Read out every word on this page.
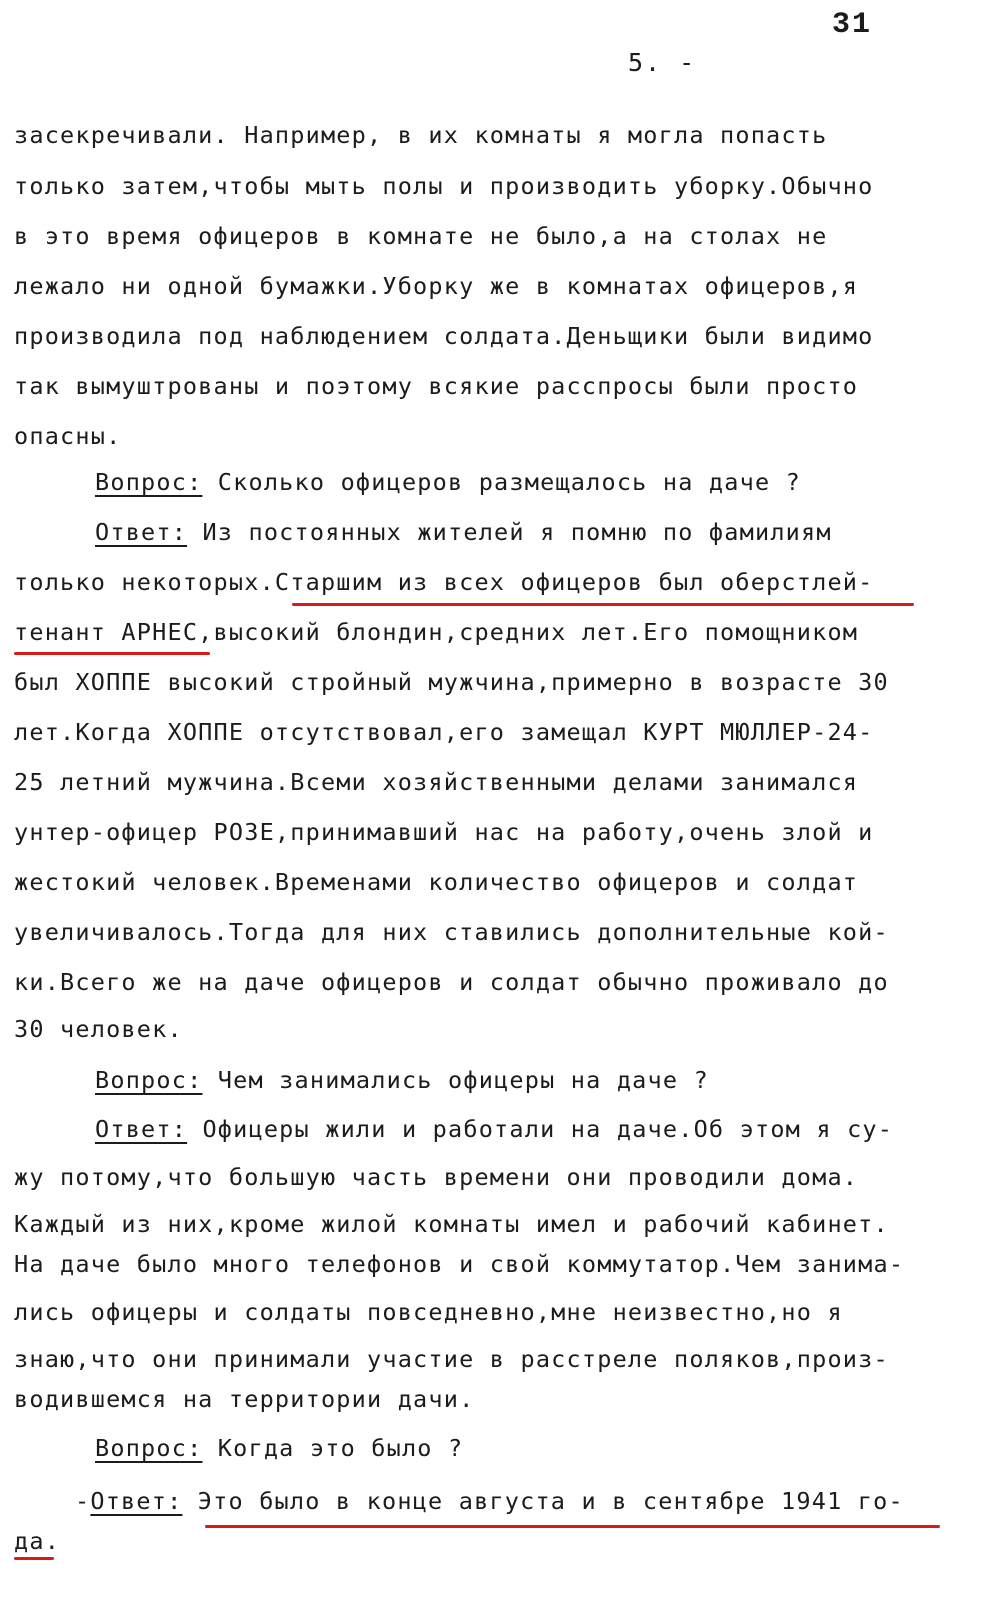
31
5. -
засекречивали. Например, в их комнаты я могла попасть
только затем,чтобы мыть полы и производить уборку.Обычно
в это время офицеров в комнате не было,а на столах не
лежало ни одной бумажки.Уборку же в комнатах офицеров,я
производила под наблюдением солдата.Деньщики были видимо
так вымуштрованы и поэтому всякие расспросы были просто
опасны.
Вопрос: Сколько офицеров размещалось на даче ?
Ответ: Из постоянных жителей я помню по фамилиям
только некоторых.Старшим из всех офицеров был оберстлей-
тенант АРНЕС,высокий блондин,средних лет.Его помощником
был ХОППЕ высокий стройный мужчина,примерно в возрасте 30
лет.Когда ХОППЕ отсутствовал,его замещал КУРТ МЮЛЛЕР-24-
25 летний мужчина.Всеми хозяйственными делами занимался
унтер-офицер РОЗЕ,принимавший нас на работу,очень злой и
жестокий человек.Временами количество офицеров и солдат
увеличивалось.Тогда для них ставились дополнительные кой-
ки.Всего же на даче офицеров и солдат обычно проживало до
30 человек.
Вопрос: Чем занимались офицеры на даче ?
Ответ: Офицеры жили и работали на даче.Об этом я су-
жу потому,что большую часть времени они проводили дома.
Каждый из них,кроме жилой комнаты имел и рабочий кабинет.
На даче было много телефонов и свой коммутатор.Чем занима-
лись офицеры и солдаты повседневно,мне неизвестно,но я
знаю,что они принимали участие в расстреле поляков,произ-
водившемся на территории дачи.
Вопрос: Когда это было ?
-Ответ: Это было в конце августа и в сентябре 1941 го-
да.
